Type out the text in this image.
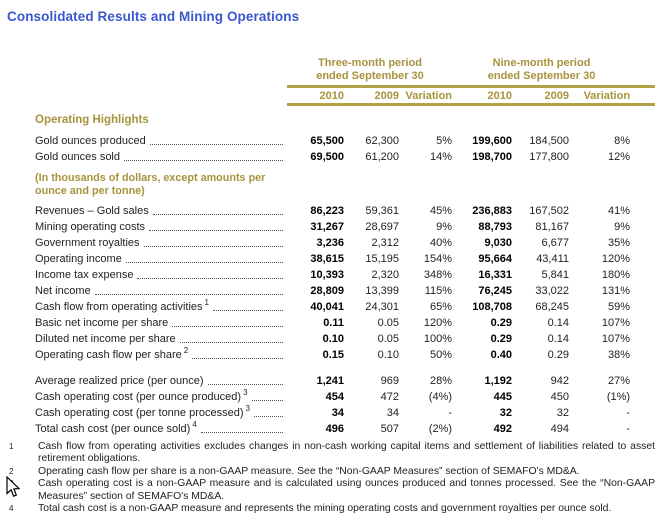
Consolidated Results and Mining Operations

Three-month period
ended September 30

Nine-month period
ended September 30

	2010	2009	Variation	2010	2009	Variation
Operating Highlights						

Gold ounces produced	65,500	62,300	5%	199,600	184,500	8%

Gold ounces sold	69,500	61,200	14%	198,700	177,800	12%

(In thousands of dollars, except amounts per ounce and per tonne)						

Revenues – Gold sales	86,223	59,361	45%	236,883	167,502	41%

Mining operating costs	31,267	28,697	9%	88,793	81,167	9%

Government royalties	3,236	2,312	40%	9,030	6,677	35%

Operating income	38,615	15,195	154%	95,664	43,411	120%

Income tax expense	10,393	2,320	348%	16,331	5,841	180%

Net income	28,809	13,399	115%	76,245	33,022	131%

Cash flow from operating activities $^1$	40,041	24,301	65%	108,708	68,245	59%

Basic net income per share	0.11	0.05	120%	0.29	0.14	107%

Diluted net income per share	0.10	0.05	100%	0.29	0.14	107%

Operating cash flow per share $^2$	0.15	0.10	50%	0.40	0.29	38%

Average realized price (per ounce)	1,241	969	28%	1,192	942	27%

Cash operating cost (per ounce produced) $^3$	454	472	(4%)	445	450	(1%)

Cash operating cost (per tonne processed) $^3$	34	34	-	32	32	-

Total cash cost (per ounce sold) $^4$	496	507	(2%)	492	494	-
1	Cash flow from operating activities excludes changes in non-cash working capital items and settlement of liabilities related to asset retirement obligations.
2	Operating cash flow per share is a non-GAAP measure. See the “Non-GAAP Measures” section of SEMAFO's MD&A.
Cash operating cost is a non-GAAP measure and is calculated using ounces produced and tonnes processed. See the “Non-GAAP Measures” section of SEMAFO's MD&A.
4	Total cash cost is a non-GAAP measure and represents the mining operating costs and government royalties per ounce sold.
